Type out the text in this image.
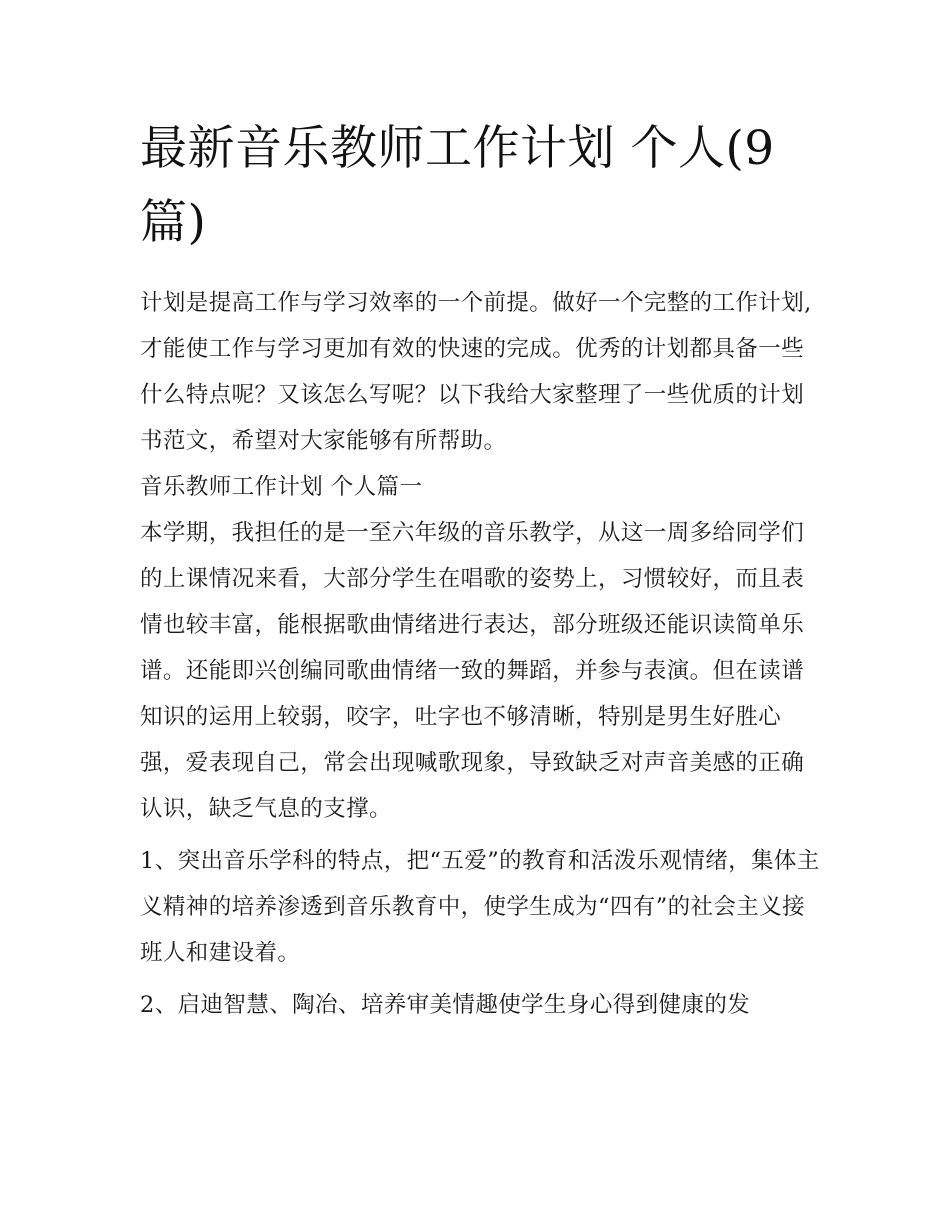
最新音乐教师工作计划 个人(9篇)

计划是提高工作与学习效率的一个前提。做好一个完整的工作计划,才能使工作与学习更加有效的快速的完成。优秀的计划都具备一些什么特点呢？又该怎么写呢？以下我给大家整理了一些优质的计划书范文，希望对大家能够有所帮助。

音乐教师工作计划 个人篇一

本学期，我担任的是一至六年级的音乐教学，从这一周多给同学们的上课情况来看，大部分学生在唱歌的姿势上，习惯较好，而且表情也较丰富，能根据歌曲情绪进行表达，部分班级还能识读简单乐谱。还能即兴创编同歌曲情绪一致的舞蹈，并参与表演。但在读谱知识的运用上较弱，咬字，吐字也不够清晰，特别是男生好胜心强，爱表现自己，常会出现喊歌现象，导致缺乏对声音美感的正确认识，缺乏气息的支撑。

1、突出音乐学科的特点，把“五爱”的教育和活泼乐观情绪，集体主义精神的培养渗透到音乐教育中，使学生成为“四有”的社会主义接班人和建设着。

2、启迪智慧、陶冶、培养审美情趣使学生身心得到健康的发
